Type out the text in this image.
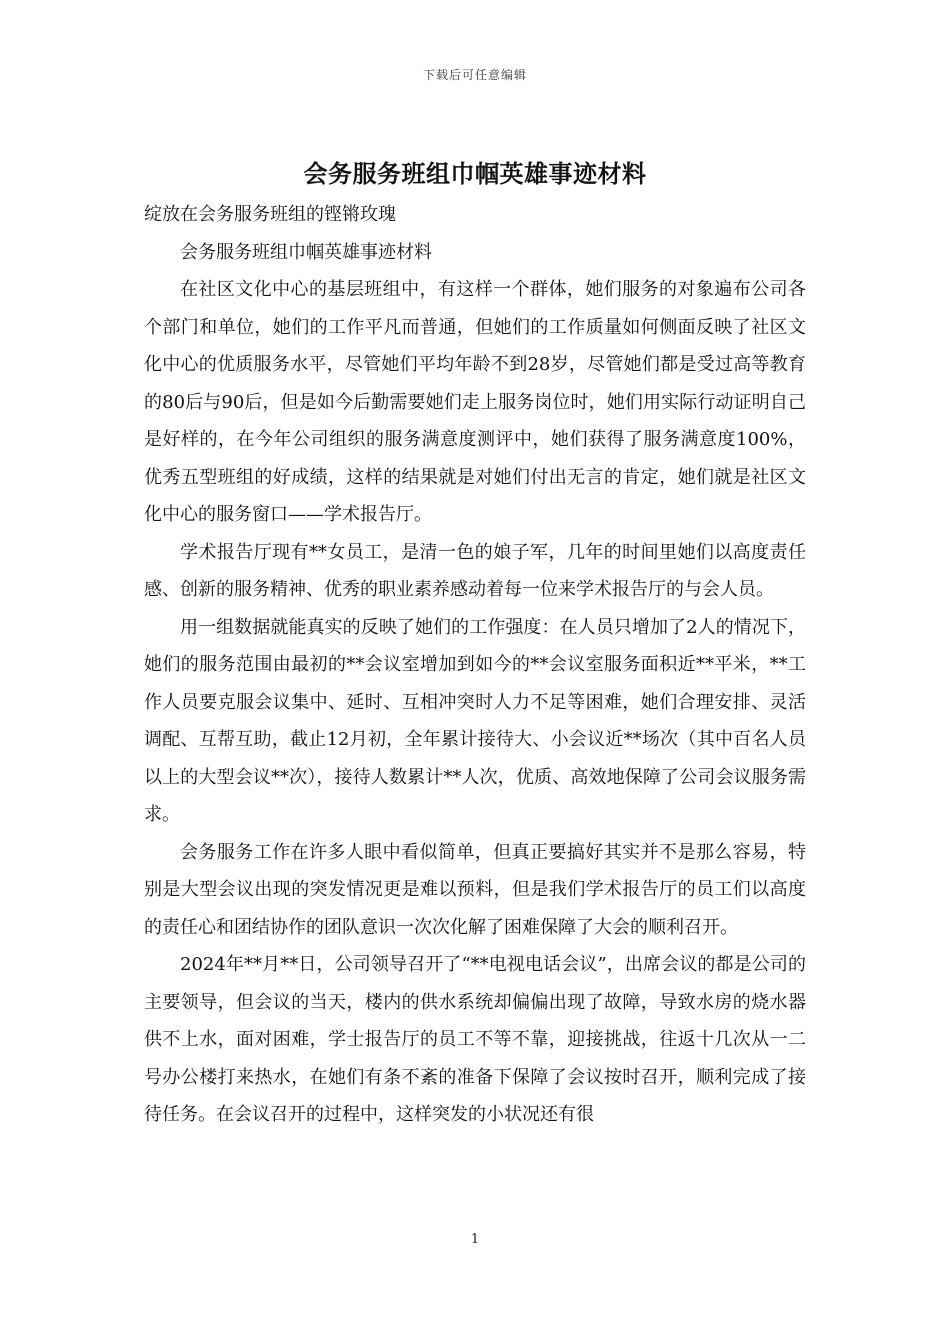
下载后可任意编辑
会务服务班组巾帼英雄事迹材料

绽放在会务服务班组的铿锵玫瑰

会务服务班组巾帼英雄事迹材料

在社区文化中心的基层班组中，有这样一个群体，她们服务的对象遍布公司各个部门和单位，她们的工作平凡而普通，但她们的工作质量如何侧面反映了社区文化中心的优质服务水平，尽管她们平均年龄不到28岁，尽管她们都是受过高等教育的80后与90后，但是如今后勤需要她们走上服务岗位时，她们用实际行动证明自己是好样的，在今年公司组织的服务满意度测评中，她们获得了服务满意度100%，优秀五型班组的好成绩，这样的结果就是对她们付出无言的肯定，她们就是社区文化中心的服务窗口——学术报告厅。

学术报告厅现有**女员工，是清一色的娘子军，几年的时间里她们以高度责任感、创新的服务精神、优秀的职业素养感动着每一位来学术报告厅的与会人员。

用一组数据就能真实的反映了她们的工作强度：在人员只增加了2人的情况下，她们的服务范围由最初的**会议室增加到如今的**会议室服务面积近**平米，**工作人员要克服会议集中、延时、互相冲突时人力不足等困难，她们合理安排、灵活调配、互帮互助，截止12月初，全年累计接待大、小会议近**场次（其中百名人员以上的大型会议**次），接待人数累计**人次，优质、高效地保障了公司会议服务需求。

会务服务工作在许多人眼中看似简单，但真正要搞好其实并不是那么容易，特别是大型会议出现的突发情况更是难以预料，但是我们学术报告厅的员工们以高度的责任心和团结协作的团队意识一次次化解了困难保障了大会的顺利召开。

2024年**月**日，公司领导召开了“**电视电话会议”，出席会议的都是公司的主要领导，但会议的当天，楼内的供水系统却偏偏出现了故障，导致水房的烧水器供不上水，面对困难，学士报告厅的员工不等不靠，迎接挑战，往返十几次从一二号办公楼打来热水，在她们有条不紊的准备下保障了会议按时召开，顺利完成了接待任务。在会议召开的过程中，这样突发的小状况还有很

1
